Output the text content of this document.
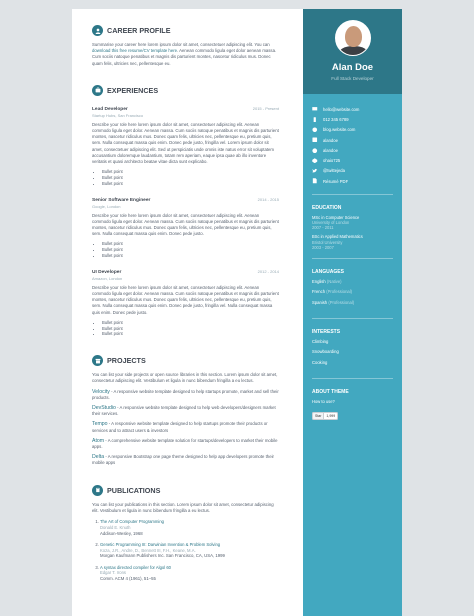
CAREER PROFILE

Summarise your career here lorem ipsum dolor sit amet, consectetuer adipiscing elit. You can download this free resume/CV template here. Aenean commodo ligula eget dolor aenean massa. Cum sociis natoque penatibus et magnis dis parturient montes, nascetur ridiculus mus. Donec quam felis, ultricies nec, pellentesque eu.

EXPERIENCES
Lead Developer	2015 - Present
Startup Hubs, San Francisco

Describe your role here lorem ipsum dolor sit amet, consectetuer adipiscing elit. Aenean commodo ligula eget dolor. Aenean massa. Cum sociis natoque penatibus et magnis dis parturient montes, nascetur ridiculus mus. Donec quam felis, ultricies nec, pellentesque eu, pretium quis, sem. Nulla consequat massa quis enim. Donec pede justo, fringilla vel. Lorem ipsum dolor sit amet, consectetuer adipiscing elit. Sed ut perspiciatis unde omnis iste natus error sit voluptatem accusantium doloremque laudantium, totam rem aperiam, eaque ipsa quae ab illo inventore veritatis et quasi architecto beatae vitae dicta sunt explicabo.

• Bullet point
• Bullet point
• Bullet point
Senior Software Engineer	2014 - 2015
Google, London

Describe your role here lorem ipsum dolor sit amet, consectetuer adipiscing elit. Aenean commodo ligula eget dolor. Aenean massa. Cum sociis natoque penatibus et magnis dis parturient montes, nascetur ridiculus mus. Donec quam felis, ultricies nec, pellentesque eu, pretium quis, sem. Nulla consequat massa quis enim. Donec pede justo.

• Bullet point
• Bullet point
• Bullet point
UI Developer	2012 - 2014
Amazon, London

Describe your role here lorem ipsum dolor sit amet, consectetuer adipiscing elit. Aenean commodo ligula eget dolor. Aenean massa. Cum sociis natoque penatibus et magnis dis parturient montes, nascetur ridiculus mus. Donec quam felis, ultricies nec, pellentesque eu, pretium quis, sem. Nulla consequat massa quis enim. Donec pede justo, fringilla vel. Nulla consequat massa quis enim. Donec pede justo.

• Bullet point
• Bullet point
• Bullet point
PROJECTS

You can list your side projects or open source libraries in this section. Lorem ipsum dolor sit amet, consectetur adipiscing elit. Vestibulum et ligula in nunc bibendum fringilla a eu lectus.

Velocity - A responsive website template designed to help startups promote, market and sell their products.
DevStudio - A responsive website template designed to help web developers/designers market their services.
Tempo - A responsive website template designed to help startups promote their products or services and to attract users & investors
Atom - A comprehensive website template solution for startups/developers to market their mobile apps.
Delta - A responsive Bootstrap one page theme designed to help app developers promote their mobile apps
PUBLICATIONS

You can list your publications in this section. Lorem ipsum dolor sit amet, consectetur adipiscing elit. Vestibulum et ligula in nunc bibendum fringilla a eu lectus.

1. The Art of Computer Programming
Donald E. Knuth
Addison-Wesley, 1968
2. Genetic Programming III: Darwinian Invention & Problem Solving
Koza, J.R., Andre, D., Bennett III, F.H., Keane, M.A.
Morgan Kaufmann Publishers Inc. San Francisco, CA, USA, 1999
3. A syntax directed compiler for Algol 60
Edgar T. Irons
Comm. ACM 4 (1961), 51–55
Alan Doe
Full Stack Developer
hello@website.com
012 345 6789
blog.website.com
alandoe
alandoe
ohaio725
@twittejeda
Résumé PDF
EDUCATION
MSc in Computer Science
University of London
2007 - 2011
BSc in Applied Mathematics
Bristol University
2003 - 2007
LANGUAGES
English (Native)
French (Professional)
Spanish (Professional)
INTERESTS
Climbing
Snowboarding
Cooking
ABOUT THEME
How to use?
Star	1,999
